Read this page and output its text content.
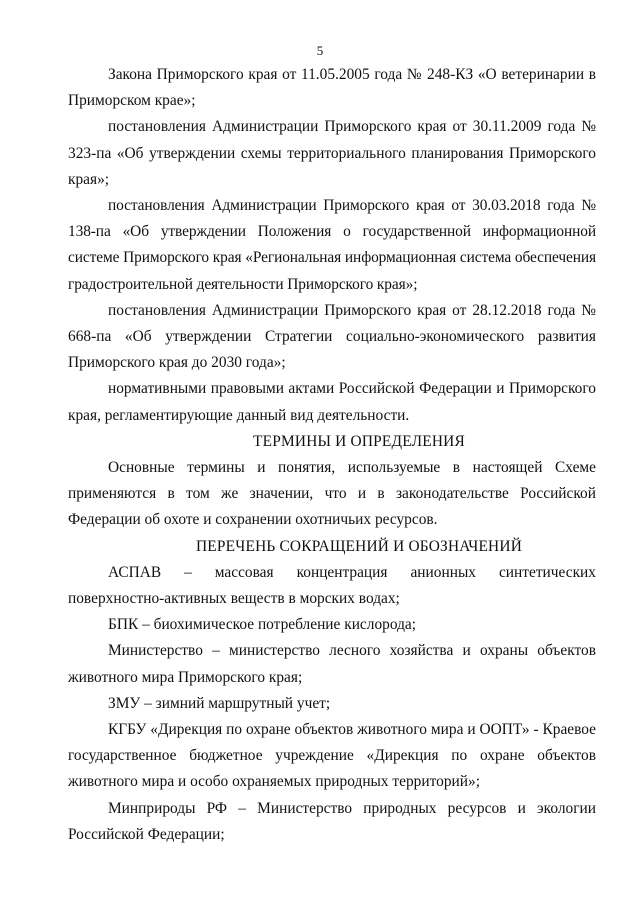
5

Закона Приморского края от 11.05.2005 года № 248-КЗ «О ветеринарии в Приморском крае»;

постановления Администрации Приморского края от 30.11.2009 года № 323-па «Об утверждении схемы территориального планирования Приморского края»;

постановления Администрации Приморского края от 30.03.2018 года № 138-па «Об утверждении Положения о государственной информационной системе Приморского края «Региональная информационная система обеспечения градостроительной деятельности Приморского края»;

постановления Администрации Приморского края от 28.12.2018 года № 668-па «Об утверждении Стратегии социально-экономического развития Приморского края до 2030 года»;

нормативными правовыми актами Российской Федерации и Приморского края, регламентирующие данный вид деятельности.

ТЕРМИНЫ И ОПРЕДЕЛЕНИЯ

Основные термины и понятия, используемые в настоящей Схеме применяются в том же значении, что и в законодательстве Российской Федерации об охоте и сохранении охотничьих ресурсов.

ПЕРЕЧЕНЬ СОКРАЩЕНИЙ И ОБОЗНАЧЕНИЙ

АСПАВ – массовая концентрация анионных синтетических поверхностно-активных веществ в морских водах;

БПК – биохимическое потребление кислорода;

Министерство – министерство лесного хозяйства и охраны объектов животного мира Приморского края;

ЗМУ – зимний маршрутный учет;

КГБУ «Дирекция по охране объектов животного мира и ООПТ» - Краевое государственное бюджетное учреждение «Дирекция по охране объектов животного мира и особо охраняемых природных территорий»;

Минприроды РФ – Министерство природных ресурсов и экологии Российской Федерации;
